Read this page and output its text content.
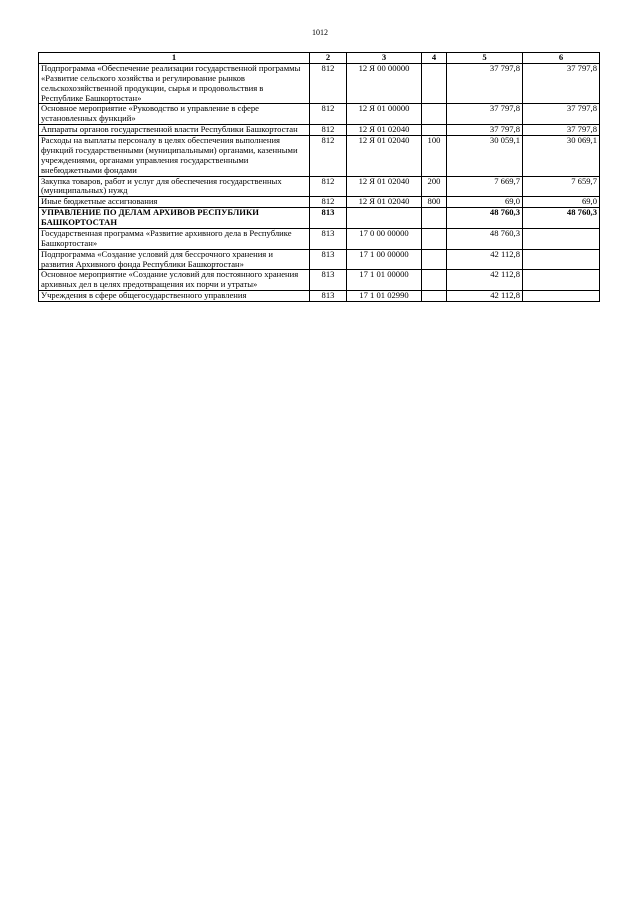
1012
1	2	3	4	5	6
Подпрограмма «Обеспечение реализации государственной программы «Развитие сельского хозяйства и регулирование рынков сельскохозяйственной продукции, сырья и продовольствия в Республике Башкортостан»	812	12 Я 00 00000		37 797,8	37 797,8
Основное мероприятие «Руководство и управление в сфере установленных функций»	812	12 Я 01 00000		37 797,8	37 797,8
Аппараты органов государственной власти Республики Башкортостан	812	12 Я 01 02040		37 797,8	37 797,8
Расходы на выплаты персоналу в целях обеспечения выполнения функций государственными (муниципальными) органами, казенными учреждениями, органами управления государственными внебюджетными фондами	812	12 Я 01 02040	100	30 059,1	30 069,1
Закупка товаров, работ и услуг для обеспечения государственных (муниципальных) нужд	812	12 Я 01 02040	200	7 669,7	7 659,7
Иные бюджетные ассигнования	812	12 Я 01 02040	800	69,0	69,0
УПРАВЛЕНИЕ ПО ДЕЛАМ АРХИВОВ РЕСПУБЛИКИ БАШКОРТОСТАН	813			48 760,3	48 760,3
Государственная программа «Развитие архивного дела в Республике Башкортостан»	813	17 0 00 00000		48 760,3	
Подпрограмма «Создание условий для бессрочного хранения и развития Архивного фонда Республики Башкортостан»	813	17 1 00 00000		42 112,8	
Основное мероприятие «Создание условий для постоянного хранения архивных дел в целях предотвращения их порчи и утраты»	813	17 1 01 00000		42 112,8	
Учреждения в сфере общегосударственного управления	813	17 1 01 02990		42 112,8	
